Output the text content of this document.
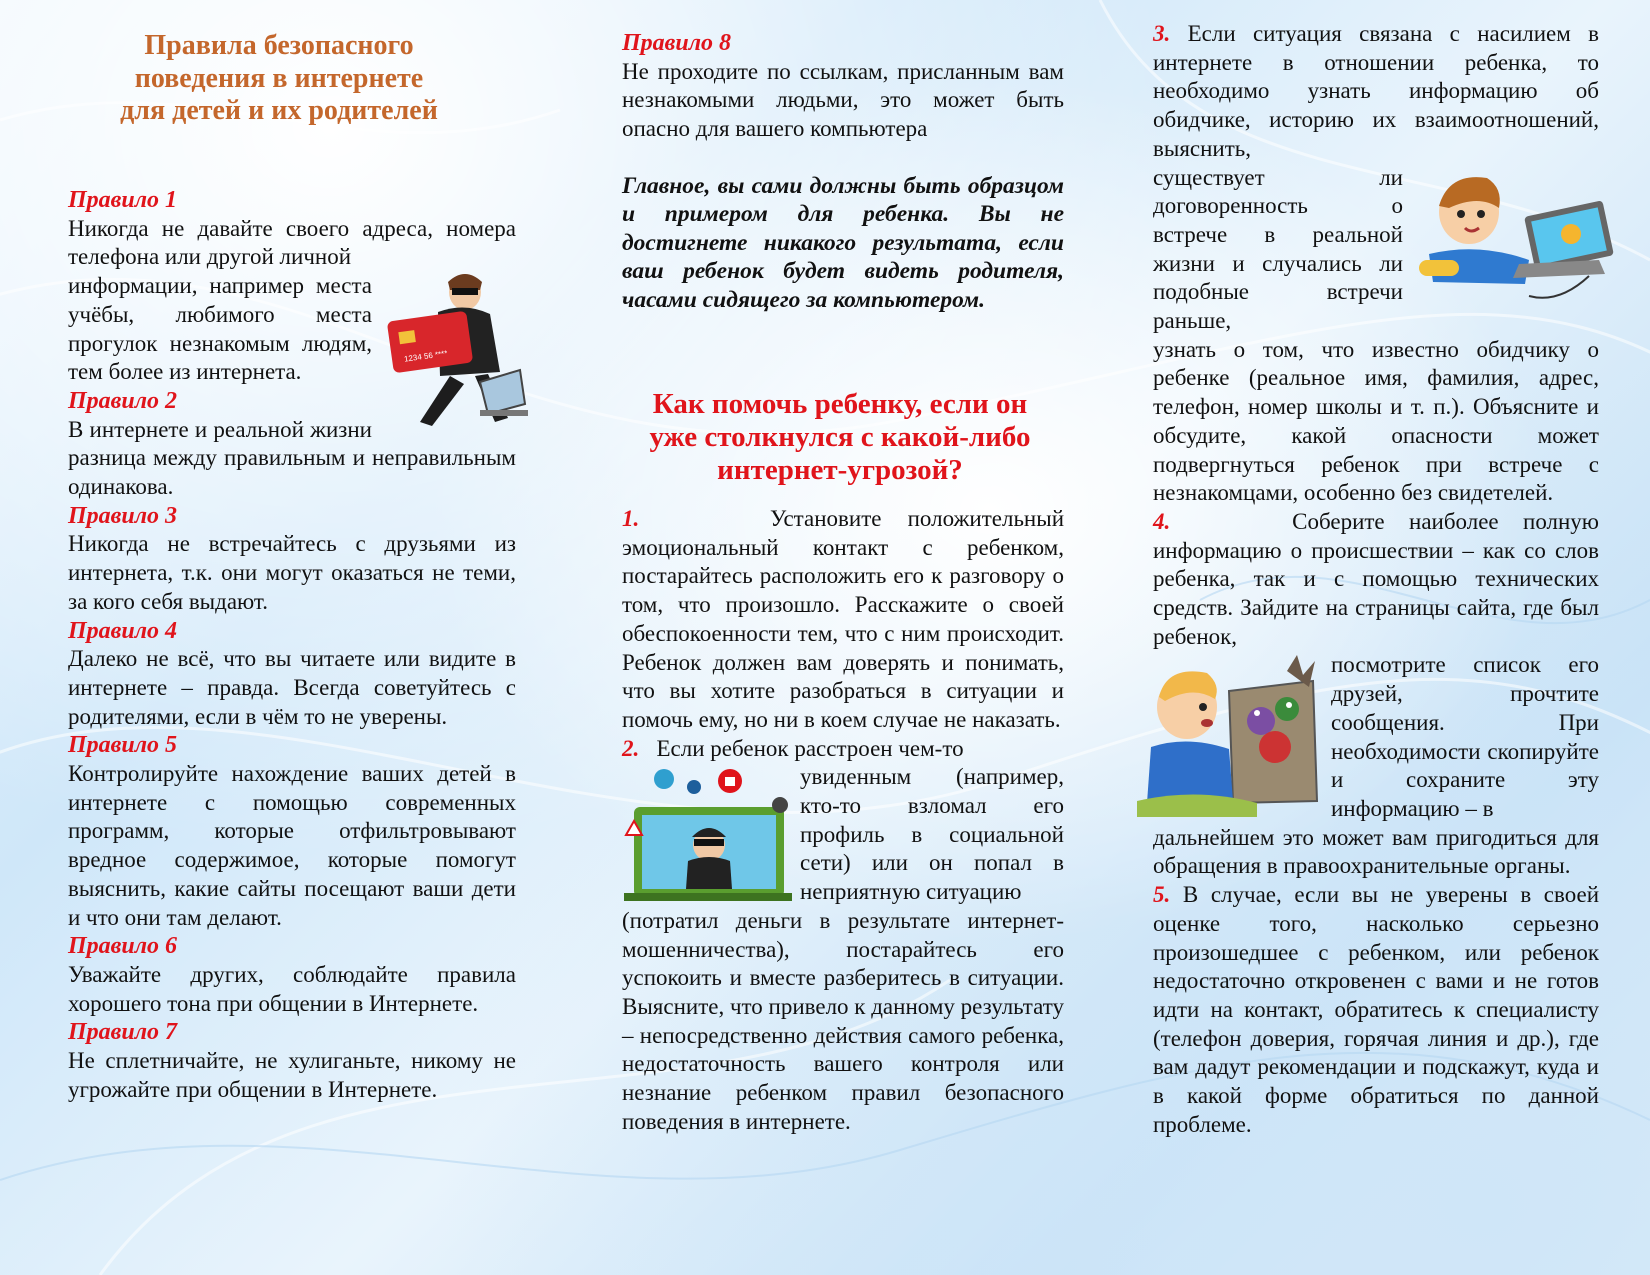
Правила безопасного поведения в интернете для детей и их родителей

Правило 1

Никогда не давайте своего адреса, номера телефона или другой личной

1234 56 ****

информации, например места учёбы, любимого места прогулок незнакомым людям, тем более из интернета.

Правило 2

В интернете и реальной жизни разница между правильным и неправильным одинакова.

Правило 3

Никогда не встречайтесь с друзьями из интернета, т.к. они могут оказаться не теми, за кого себя выдают.

Правило 4

Далеко не всё, что вы читаете или видите в интернете – правда. Всегда советуйтесь с родителями, если в чём то не уверены.

Правило 5

Контролируйте нахождение ваших детей в интернете с помощью современных программ, которые отфильтровывают вредное содержимое, которые помогут выяснить, какие сайты посещают ваши дети и что они там делают.

Правило 6

Уважайте других, соблюдайте правила хорошего тона при общении в Интернете.

Правило 7

Не сплетничайте, не хулиганьте, никому не угрожайте при общении в Интернете.

Правило 8

Не проходите по ссылкам, присланным вам незнакомыми людьми, это может быть опасно для вашего компьютера

Главное, вы сами должны быть образцом и примером для ребенка. Вы не достигнете никакого результата, если ваш ребенок будет видеть родителя, часами сидящего за компьютером.

Как помочь ребенку, если он уже столкнулся с какой-либо интернет-угрозой?

1.	Установите положительный эмоциональный контакт с ребенком, постарайтесь расположить его к разговору о том, что произошло. Расскажите о своей обеспокоенности тем, что с ним происходит. Ребенок должен вам доверять и понимать, что вы хотите разобраться в ситуации и помочь ему, но ни в коем случае не наказать.

2. Если ребенок расстроен чем-то

увиденным (например, кто-то взломал его профиль в социальной сети) или он попал в неприятную ситуацию

(потратил деньги в результате интернет-мошенничества), постарайтесь его успокоить и вместе разберитесь в ситуации. Выясните, что привело к данному результату – непосредственно действия самого ребенка, недостаточность вашего контроля или незнание ребенком правил безопасного поведения в интернете.

3. Если ситуация связана с насилием в интернете в отношении ребенка, то необходимо узнать информацию об обидчике, историю их взаимоотношений, выяснить,

существует ли договоренность о встрече в реальной жизни и случались ли подобные встречи раньше,

узнать о том, что известно обидчику о ребенке (реальное имя, фамилия, адрес, телефон, номер школы и т. п.). Объясните и обсудите, какой опасности может подвергнуться ребенок при встрече с незнакомцами, особенно без свидетелей.

4.	Соберите наиболее полную информацию о происшествии – как со слов ребенка, так и с помощью технических средств. Зайдите на страницы сайта, где был ребенок,

посмотрите список его друзей, прочтите сообщения. При необходимости скопируйте и сохраните эту информацию – в

дальнейшем это может вам пригодиться для обращения в правоохранительные органы.

5. В случае, если вы не уверены в своей оценке того, насколько серьезно произошедшее с ребенком, или ребенок недостаточно откровенен с вами и не готов идти на контакт, обратитесь к специалисту (телефон доверия, горячая линия и др.), где вам дадут рекомендации и подскажут, куда и в какой форме обратиться по данной проблеме.
